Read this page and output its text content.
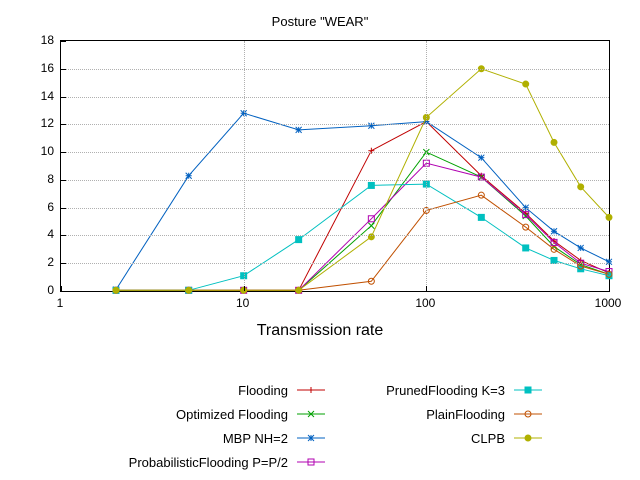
Posture "WEAR"
0
2
4
6
8
10
12
14
16
18
1	10	100	1000
Transmission rate
Flooding
Optimized Flooding
MBP NH=2
ProbabilisticFlooding P=P/2
PrunedFlooding K=3
PlainFlooding
CLPB
